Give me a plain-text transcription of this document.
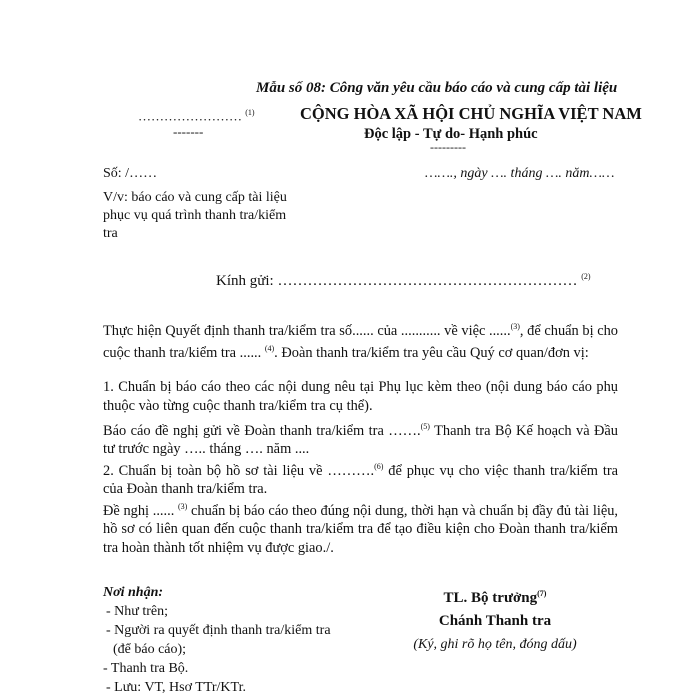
Mẫu số 08: Công văn yêu cầu báo cáo và cung cấp tài liệu
…………………… $^{(1)}$
-------
CỘNG HÒA XÃ HỘI CHỦ NGHĨA VIỆT NAM
Độc lập - Tự do- Hạnh phúc
---------
Số: /……	……., ngày …. tháng …. năm……
V/v: báo cáo và cung cấp tài liệu phục vụ quá trình thanh tra/kiểm tra
Kính gửi: …………………………………………………… $^{(2)}$
Thực hiện Quyết định thanh tra/kiểm tra số...... của ........... về việc ......$^{(3)}$, để chuẩn bị cho cuộc thanh tra/kiểm tra ...... $^{(4)}$. Đoàn thanh tra/kiểm tra yêu cầu Quý cơ quan/đơn vị:
1. Chuẩn bị báo cáo theo các nội dung nêu tại Phụ lục kèm theo (nội dung báo cáo phụ thuộc vào từng cuộc thanh tra/kiểm tra cụ thể).
Báo cáo đề nghị gửi về Đoàn thanh tra/kiểm tra …….$^{(5)}$ Thanh tra Bộ Kế hoạch và Đầu tư trước ngày ….. tháng …. năm ....
2. Chuẩn bị toàn bộ hồ sơ tài liệu về ……….$^{(6)}$ để phục vụ cho việc thanh tra/kiểm tra của Đoàn thanh tra/kiểm tra.
Đề nghị ...... $^{(3)}$ chuẩn bị báo cáo theo đúng nội dung, thời hạn và chuẩn bị đầy đủ tài liệu, hồ sơ có liên quan đến cuộc thanh tra/kiểm tra để tạo điều kiện cho Đoàn thanh tra/kiểm tra hoàn thành tốt nhiệm vụ được giao./.
Nơi nhận:
- Như trên;
- Người ra quyết định thanh tra/kiểm tra
(để báo cáo);
- Thanh tra Bộ.
- Lưu: VT, Hsơ TTr/KTr.
TL. Bộ trưởng$^{(7)}$
Chánh Thanh tra
(Ký, ghi rõ họ tên, đóng dấu)
